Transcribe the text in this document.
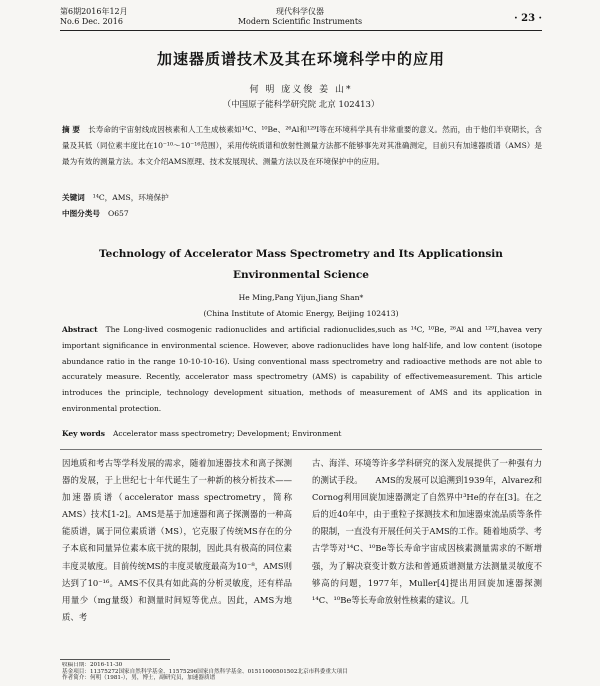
第6期2016年12月
No.6 Dec. 2016
现代科学仪器
Modern Scientific Instruments	· 23 ·
加速器质谱技术及其在环境科学中的应用
何 明 庞义俊 姜 山*
（中国原子能科学研究院 北京 102413）
摘 要 长寿命的宇宙射线成因核素和人工生成核素如¹⁴C、¹⁰Be、²⁶Al和¹²⁹I等在环境科学具有非常重要的意义。然而，由于他们半衰期长，含量及其低（同位素丰度比在10⁻¹⁰～10⁻¹⁶范围），采用传统质谱和放射性测量方法都不能够事先对其准确测定，目前只有加速器质谱（AMS）是最为有效的测量方法。本文介绍AMS原理、技术发展现状、测量方法以及在环境保护中的应用。
关键词 ¹⁴C，AMS，环境保护
中图分类号 O657
Technology of Accelerator Mass Spectrometry and Its Applicationsin Environmental Science
He Ming,Pang Yijun,Jiang Shan*
(China Institute of Atomic Energy, Beijing 102413)
Abstract The Long-lived cosmogenic radionuclides and artificial radionuclides,such as ¹⁴C, ¹⁰Be, ²⁶Al and ¹²⁹I,havea very important significance in environmental science. However, above radionuclides have long half-life, and low content (isotope abundance ratio in the range 10-10-10-16). Using conventional mass spectrometry and radioactive methods are not able to accurately measure. Recently, accelerator mass spectrometry (AMS) is capability of effectivemeasurement. This article introduces the principle, technology development situation, methods of measurement of AMS and its application in environmental protection.
Key words Accelerator mass spectrometry; Development; Environment
因地质和考古等学科发展的需求，随着加速器技术和离子探测器的发展，于上世纪七十年代诞生了一种新的核分析技术——加速器质谱（accelerator mass spectrometry，简称AMS）技术[1-2]。AMS是基于加速器和离子探测器的一种高能质谱，属于同位素质谱（MS），它克服了传统MS存在的分子本底和同量异位素本底干扰的限制，因此具有极高的同位素丰度灵敏度。目前传统MS的丰度灵敏度最高为10⁻⁸，AMS则达到了10⁻¹⁶。AMS不仅具有如此高的分析灵敏度，还有样品用量少（mg量级）和测量时间短等优点。因此，AMS为地质、考
古、海洋、环境等许多学科研究的深入发展提供了一种强有力的测试手段。　　AMS的发展可以追溯到1939年，Alvarez和Cornog利用回旋加速器测定了自然界中³He的存在[3]。在之后的近40年中，由于重粒子探测技术和加速器束流品质等条件的限制，一直没有开展任何关于AMS的工作。随着地质学、考古学等对¹⁴C、¹⁰Be等长寿命宇宙成因核素测量需求的不断增强，为了解决衰变计数方法和普通质谱测量方法测量灵敏度不够高的问题，1977年，Muller[4]提出用回旋加速器探测¹⁴C、¹⁰Be等长寿命放射性核素的建议。几
收稿日期：2016-11-30
基金项目：11375272国家自然科学基金、11575296国家自然科学基金、01511000501502北京市科委重大项目
作者简介：何明（1981-），男，博士，副研究员，加速器质谱
